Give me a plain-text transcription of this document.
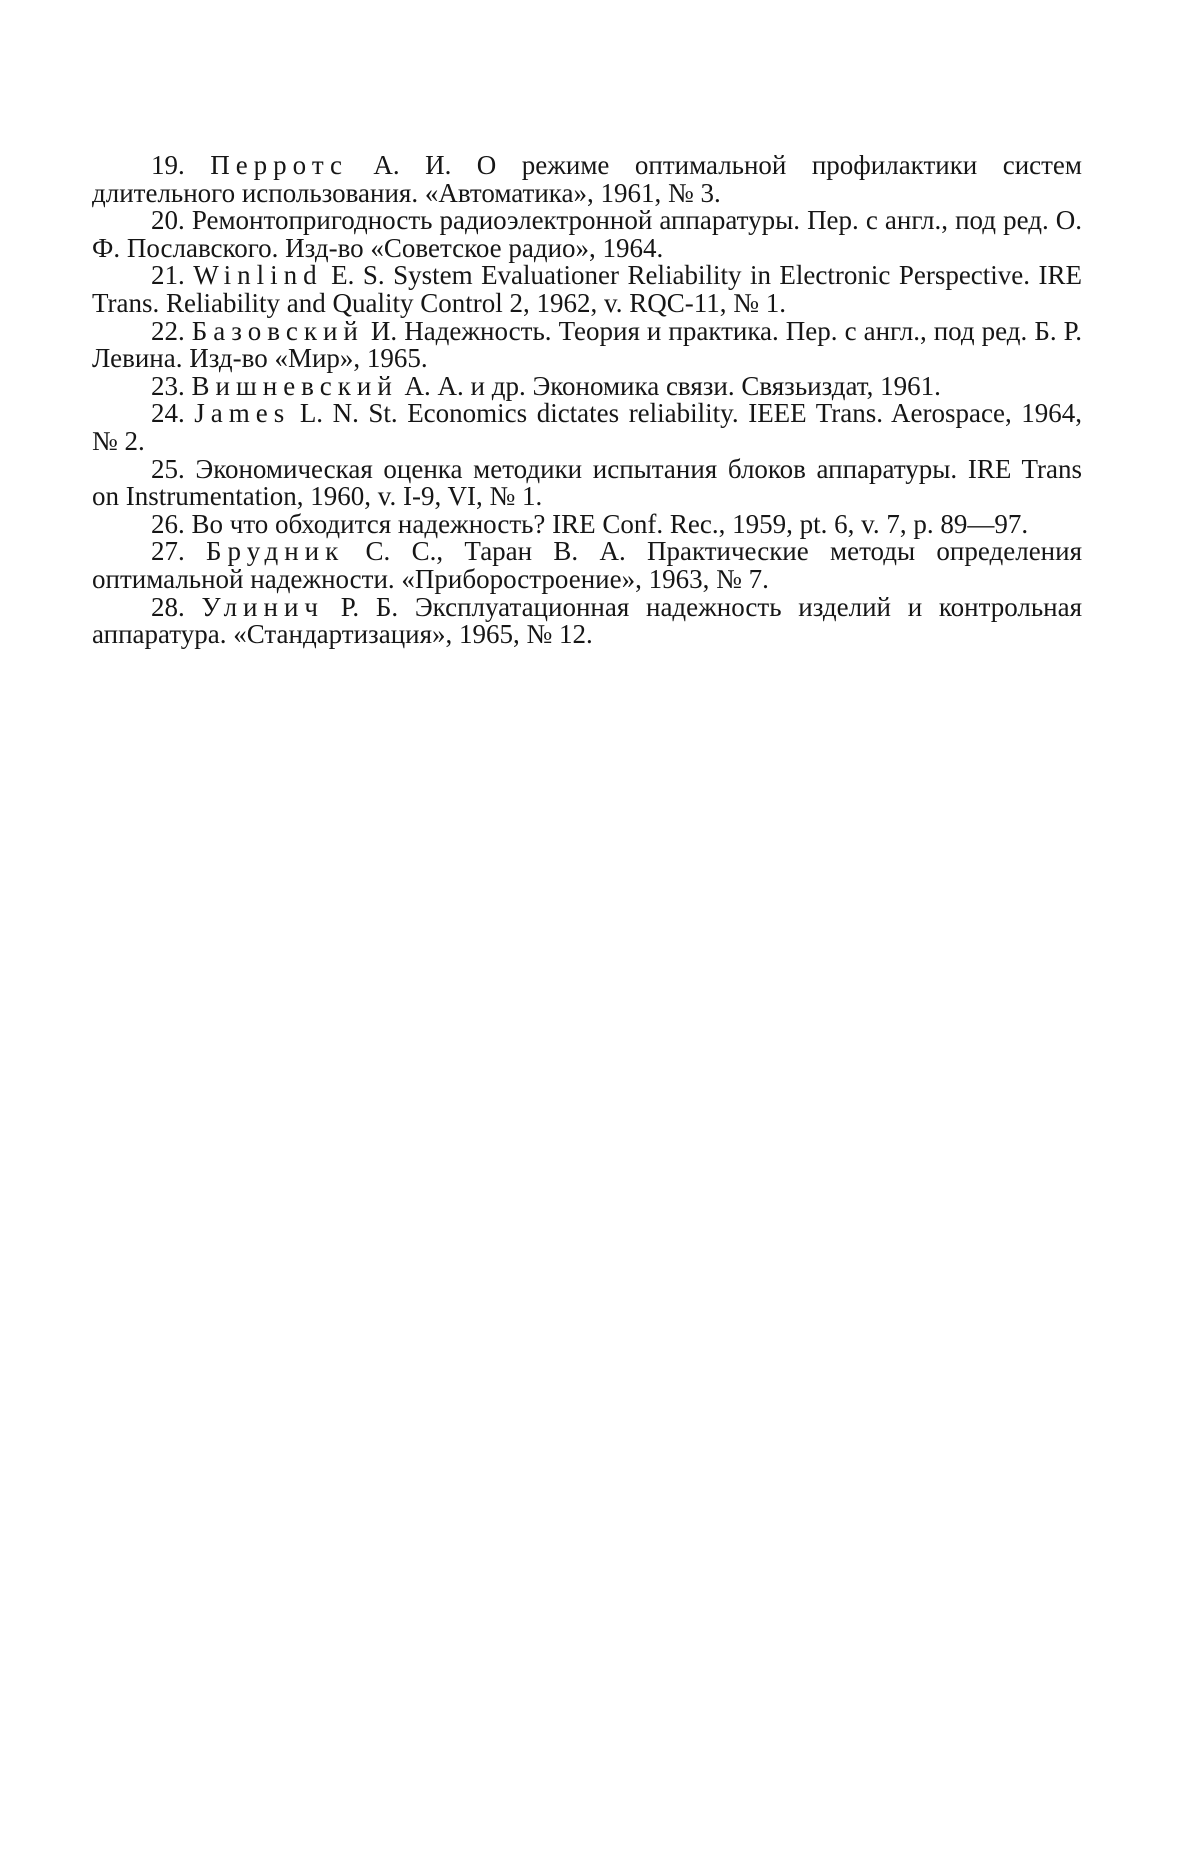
19. Перротс А. И. О режиме оптимальной профилактики систем длительного использования. «Автоматика», 1961, № 3.

20. Ремонтопригодность радиоэлектронной аппаратуры. Пер. с англ., под ред. О. Ф. Пославского. Изд-во «Советское радио», 1964.

21. Winlind E. S. System Evaluationer Reliability in Electronic Perspective. IRE Trans. Reliability and Quality Control 2, 1962, v. RQC-11, № 1.

22. Базовский И. Надежность. Теория и практика. Пер. с англ., под ред. Б. Р. Левина. Изд-во «Мир», 1965.

23. Вишневский А. А. и др. Экономика связи. Связьиздат, 1961.

24. James L. N. St. Economics dictates reliability. IEEE Trans. Aerospace, 1964, № 2.

25. Экономическая оценка методики испытания блоков аппаратуры. IRE Trans on Instrumentation, 1960, v. I-9, VI, № 1.

26. Во что обходится надежность? IRE Conf. Rec., 1959, pt. 6, v. 7, p. 89—97.

27. Брудник С. С., Таран В. А. Практические методы определения оптимальной надежности. «Приборостроение», 1963, № 7.

28. Улинич Р. Б. Эксплуатационная надежность изделий и контрольная аппаратура. «Стандартизация», 1965, № 12.
